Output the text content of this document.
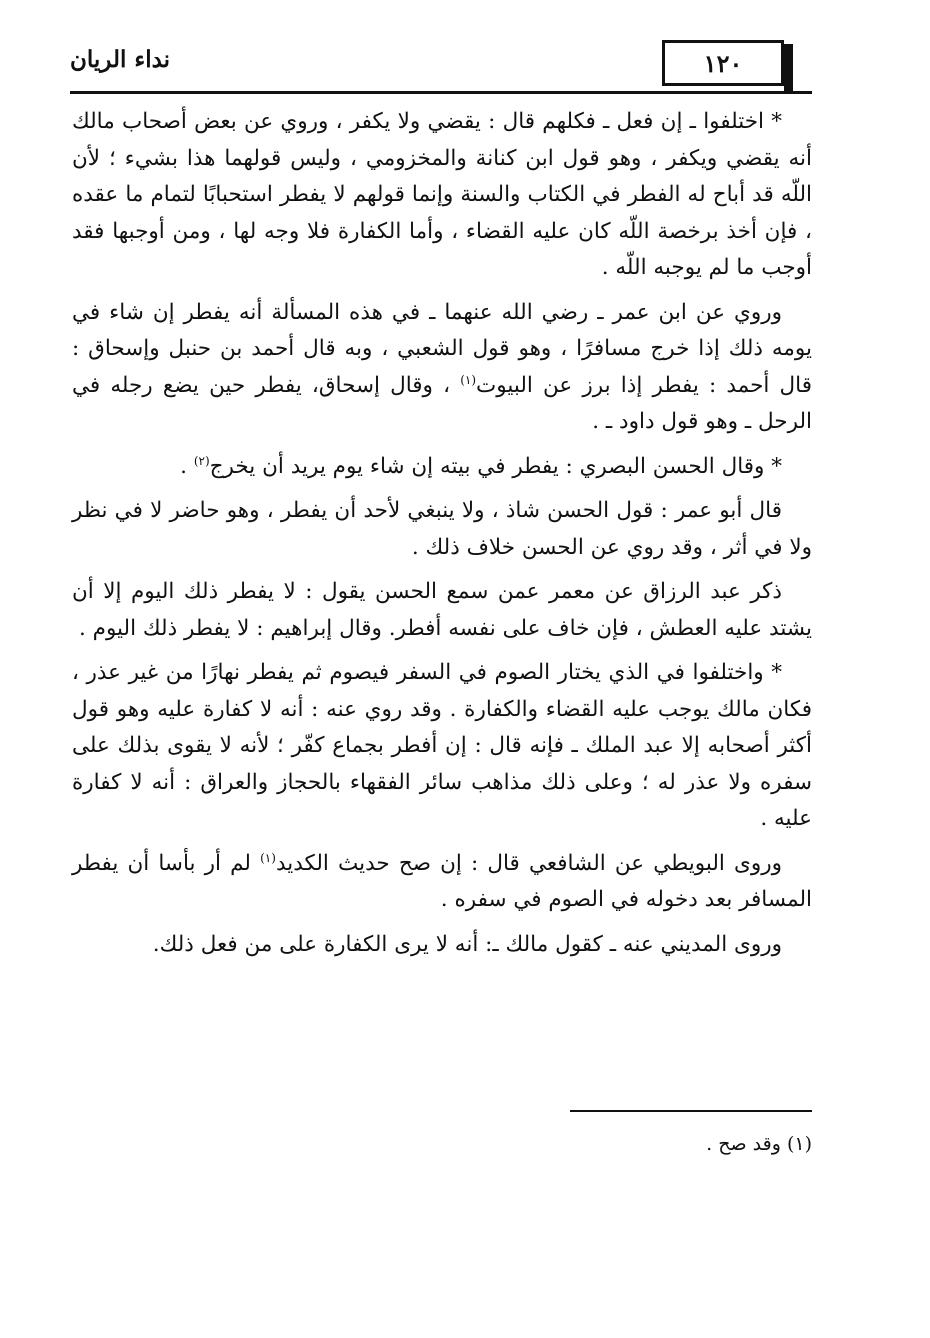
١٢٠
نداء الريان

* اختلفوا ـ إن فعل ـ فكلهم قال : يقضي ولا يكفر ، وروي عن بعض أصحاب مالك أنه يقضي ويكفر ، وهو قول ابن كنانة والمخزومي ، وليس قولهما هذا بشيء ؛ لأن اللّه قد أباح له الفطر في الكتاب والسنة وإنما قولهم لا يفطر استحبابًا لتمام ما عقده ، فإن أخذ برخصة اللّه كان عليه القضاء ، وأما الكفارة فلا وجه لها ، ومن أوجبها فقد أوجب ما لم يوجبه اللّه .

وروي عن ابن عمر ـ رضي الله عنهما ـ في هذه المسألة أنه يفطر إن شاء في يومه ذلك إذا خرج مسافرًا ، وهو قول الشعبي ، وبه قال أحمد بن حنبل وإسحاق : قال أحمد : يفطر إذا برز عن البيوت$^{(١)}$ ، وقال إسحاق، يفطر حين يضع رجله في الرحل ـ وهو قول داود ـ .

* وقال الحسن البصري : يفطر في بيته إن شاء يوم يريد أن يخرج$^{(٢)}$ .

قال أبو عمر : قول الحسن شاذ ، ولا ينبغي لأحد أن يفطر ، وهو حاضر لا في نظر ولا في أثر ، وقد روي عن الحسن خلاف ذلك .

ذكر عبد الرزاق عن معمر عمن سمع الحسن يقول : لا يفطر ذلك اليوم إلا أن يشتد عليه العطش ، فإن خاف على نفسه أفطر. وقال إبراهيم : لا يفطر ذلك اليوم .

* واختلفوا في الذي يختار الصوم في السفر فيصوم ثم يفطر نهارًا من غير عذر ، فكان مالك يوجب عليه القضاء والكفارة . وقد روي عنه : أنه لا كفارة عليه وهو قول أكثر أصحابه إلا عبد الملك ـ فإنه قال : إن أفطر بجماع كفّر ؛ لأنه لا يقوى بذلك على سفره ولا عذر له ؛ وعلى ذلك مذاهب سائر الفقهاء بالحجاز والعراق : أنه لا كفارة عليه .

وروى البويطي عن الشافعي قال : إن صح حديث الكديد$^{(١)}$ لم أر بأسا أن يفطر المسافر بعد دخوله في الصوم في سفره .

وروى المديني عنه ـ كقول مالك ـ: أنه لا يرى الكفارة على من فعل ذلك.

(١) وقد صح .
